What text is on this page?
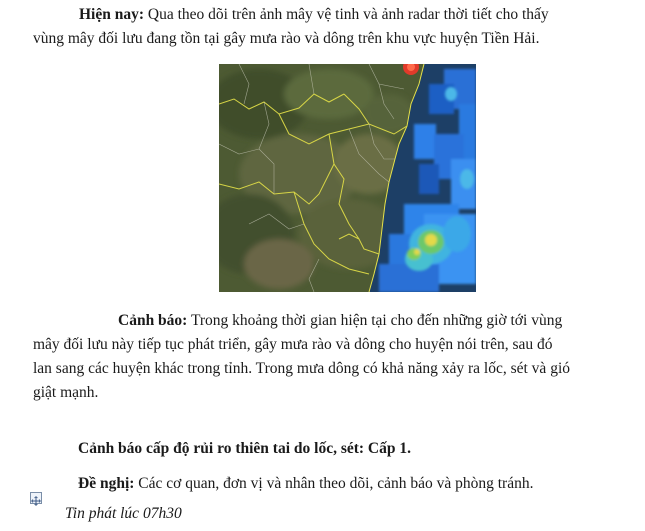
Hiện nay: Qua theo dõi trên ảnh mây vệ tinh và ảnh radar thời tiết cho thấy
vùng mây đối lưu đang tồn tại gây mưa rào và dông trên khu vực huyện Tiền Hải.
Cảnh báo: Trong khoảng thời gian hiện tại cho đến những giờ tới vùng
mây đối lưu này tiếp tục phát triển, gây mưa rào và dông cho huyện nói trên, sau đó
lan sang các huyện khác trong tỉnh. Trong mưa dông có khả năng xảy ra lốc, sét và gió
giật mạnh.
Cảnh báo cấp độ rủi ro thiên tai do lốc, sét: Cấp 1.
Đề nghị: Các cơ quan, đơn vị và nhân theo dõi, cảnh báo và phòng tránh.
Tin phát lúc 07h30
